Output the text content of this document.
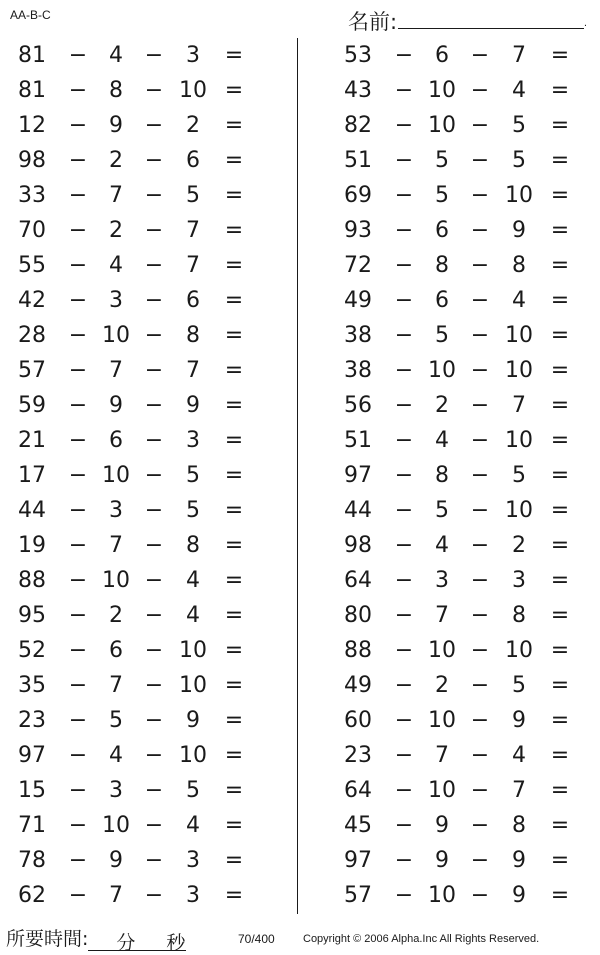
AA-B-C	名前:
.
81 − 4 −	3	=
81 − 8 − 10 =
12 − 9 −	2	=
98 − 2 −	6	=
33 − 7 −	5	=
70 − 2 −	7	=
55 − 4 −	7	=
42 − 3 −	6	=
28 − 10 −	8	=
57 − 7 −	7	=
59 − 9 −	9	=
21 − 6 −	3	=
17 − 10 −	5	=
44 − 3 −	5	=
19 − 7 −	8	=
88 − 10 −	4	=
95 − 2 −	4	=
52 − 6 − 10 =
35 − 7 − 10 =
23 − 5 −	9	=
97 − 4 − 10 =
15 − 3 −	5	=
71 − 10 −	4	=
78 − 9 −	3	=
62 − 7 −	3	=
53 − 6 −	7	=
43 − 10 −	4	=
82 − 10 −	5	=
51 − 5 −	5	=
69 − 5 − 10 =
93 − 6 −	9	=
72 − 8 −	8	=
49 − 6 −	4	=
38 − 5 − 10 =
38 − 10 − 10 =
56 − 2 −	7	=
51 − 4 − 10 =
97 − 8 −	5	=
44 − 5 − 10 =
98 − 4 −	2	=
64 − 3 −	3	=
80 − 7 −	8	=
88 − 10 − 10 =
49 − 2 −	5	=
60 − 10 −	9	=
23 − 7 −	4	=
64 − 10 −	7	=
45 − 9 −	8	=
97 − 9 −	9	=
57 − 10 −	9	=
所要時間: 分 秒	70/400	Copyright © 2006 Alpha.Inc All Rights Reserved.
